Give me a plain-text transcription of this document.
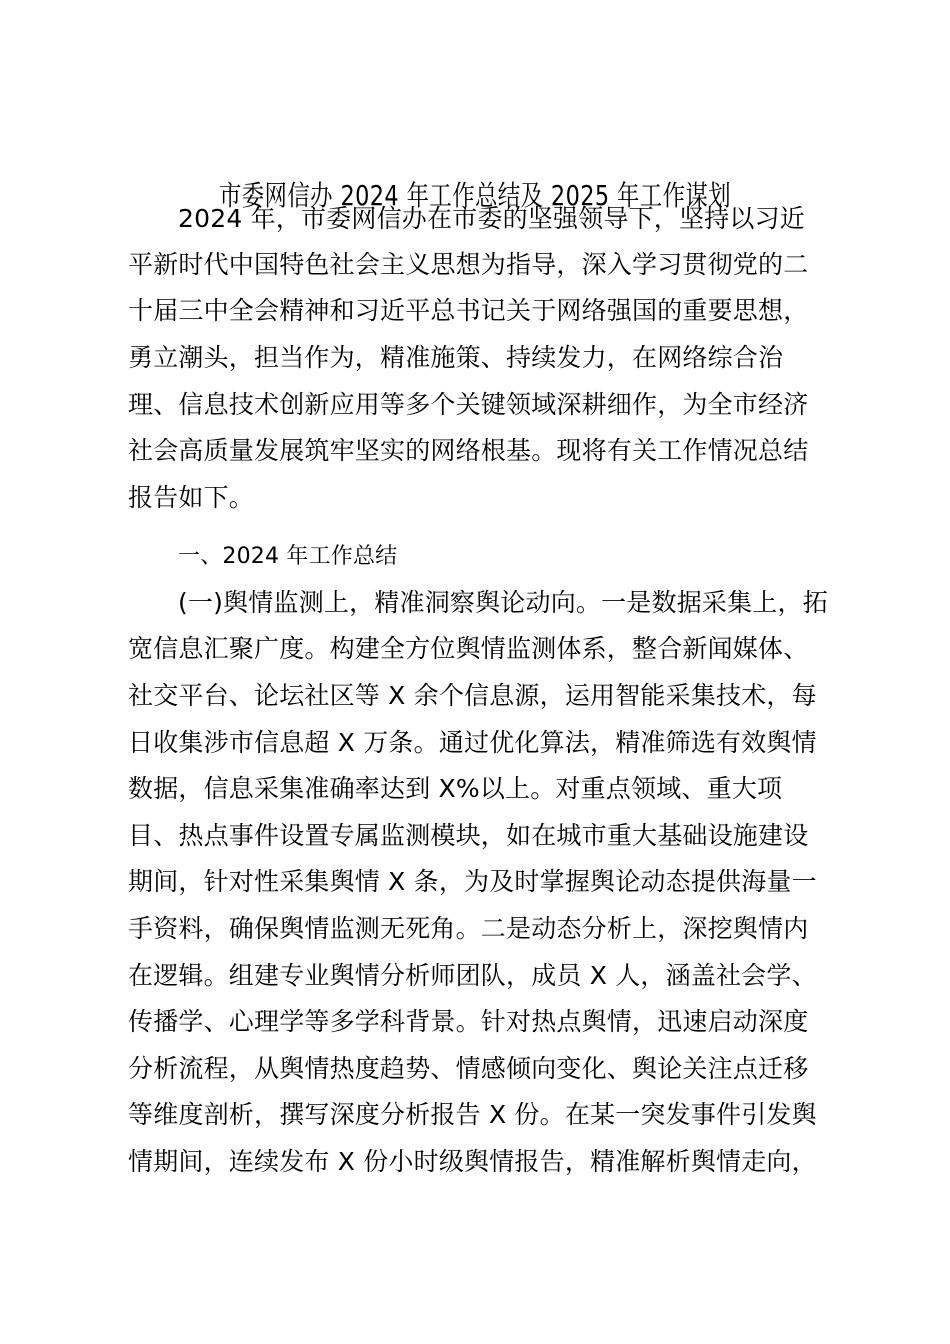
市委网信办 2024 年工作总结及 2025 年工作谋划
2024 年，市委网信办在市委的坚强领导下，坚持以习近
平新时代中国特色社会主义思想为指导，深入学习贯彻党的二
十届三中全会精神和习近平总书记关于网络强国的重要思想，
勇立潮头，担当作为，精准施策、持续发力，在网络综合治
理、信息技术创新应用等多个关键领域深耕细作，为全市经济
社会高质量发展筑牢坚实的网络根基。现将有关工作情况总结
报告如下。
一、2024 年工作总结
(一)舆情监测上，精准洞察舆论动向。一是数据采集上，拓
宽信息汇聚广度。构建全方位舆情监测体系，整合新闻媒体、
社交平台、论坛社区等 X 余个信息源，运用智能采集技术，每
日收集涉市信息超 X 万条。通过优化算法，精准筛选有效舆情
数据，信息采集准确率达到 X%以上。对重点领域、重大项
目、热点事件设置专属监测模块，如在城市重大基础设施建设
期间，针对性采集舆情 X 条，为及时掌握舆论动态提供海量一
手资料，确保舆情监测无死角。二是动态分析上，深挖舆情内
在逻辑。组建专业舆情分析师团队，成员 X 人，涵盖社会学、
传播学、心理学等多学科背景。针对热点舆情，迅速启动深度
分析流程，从舆情热度趋势、情感倾向变化、舆论关注点迁移
等维度剖析，撰写深度分析报告 X 份。在某一突发事件引发舆
情期间，连续发布 X 份小时级舆情报告，精准解析舆情走向，
